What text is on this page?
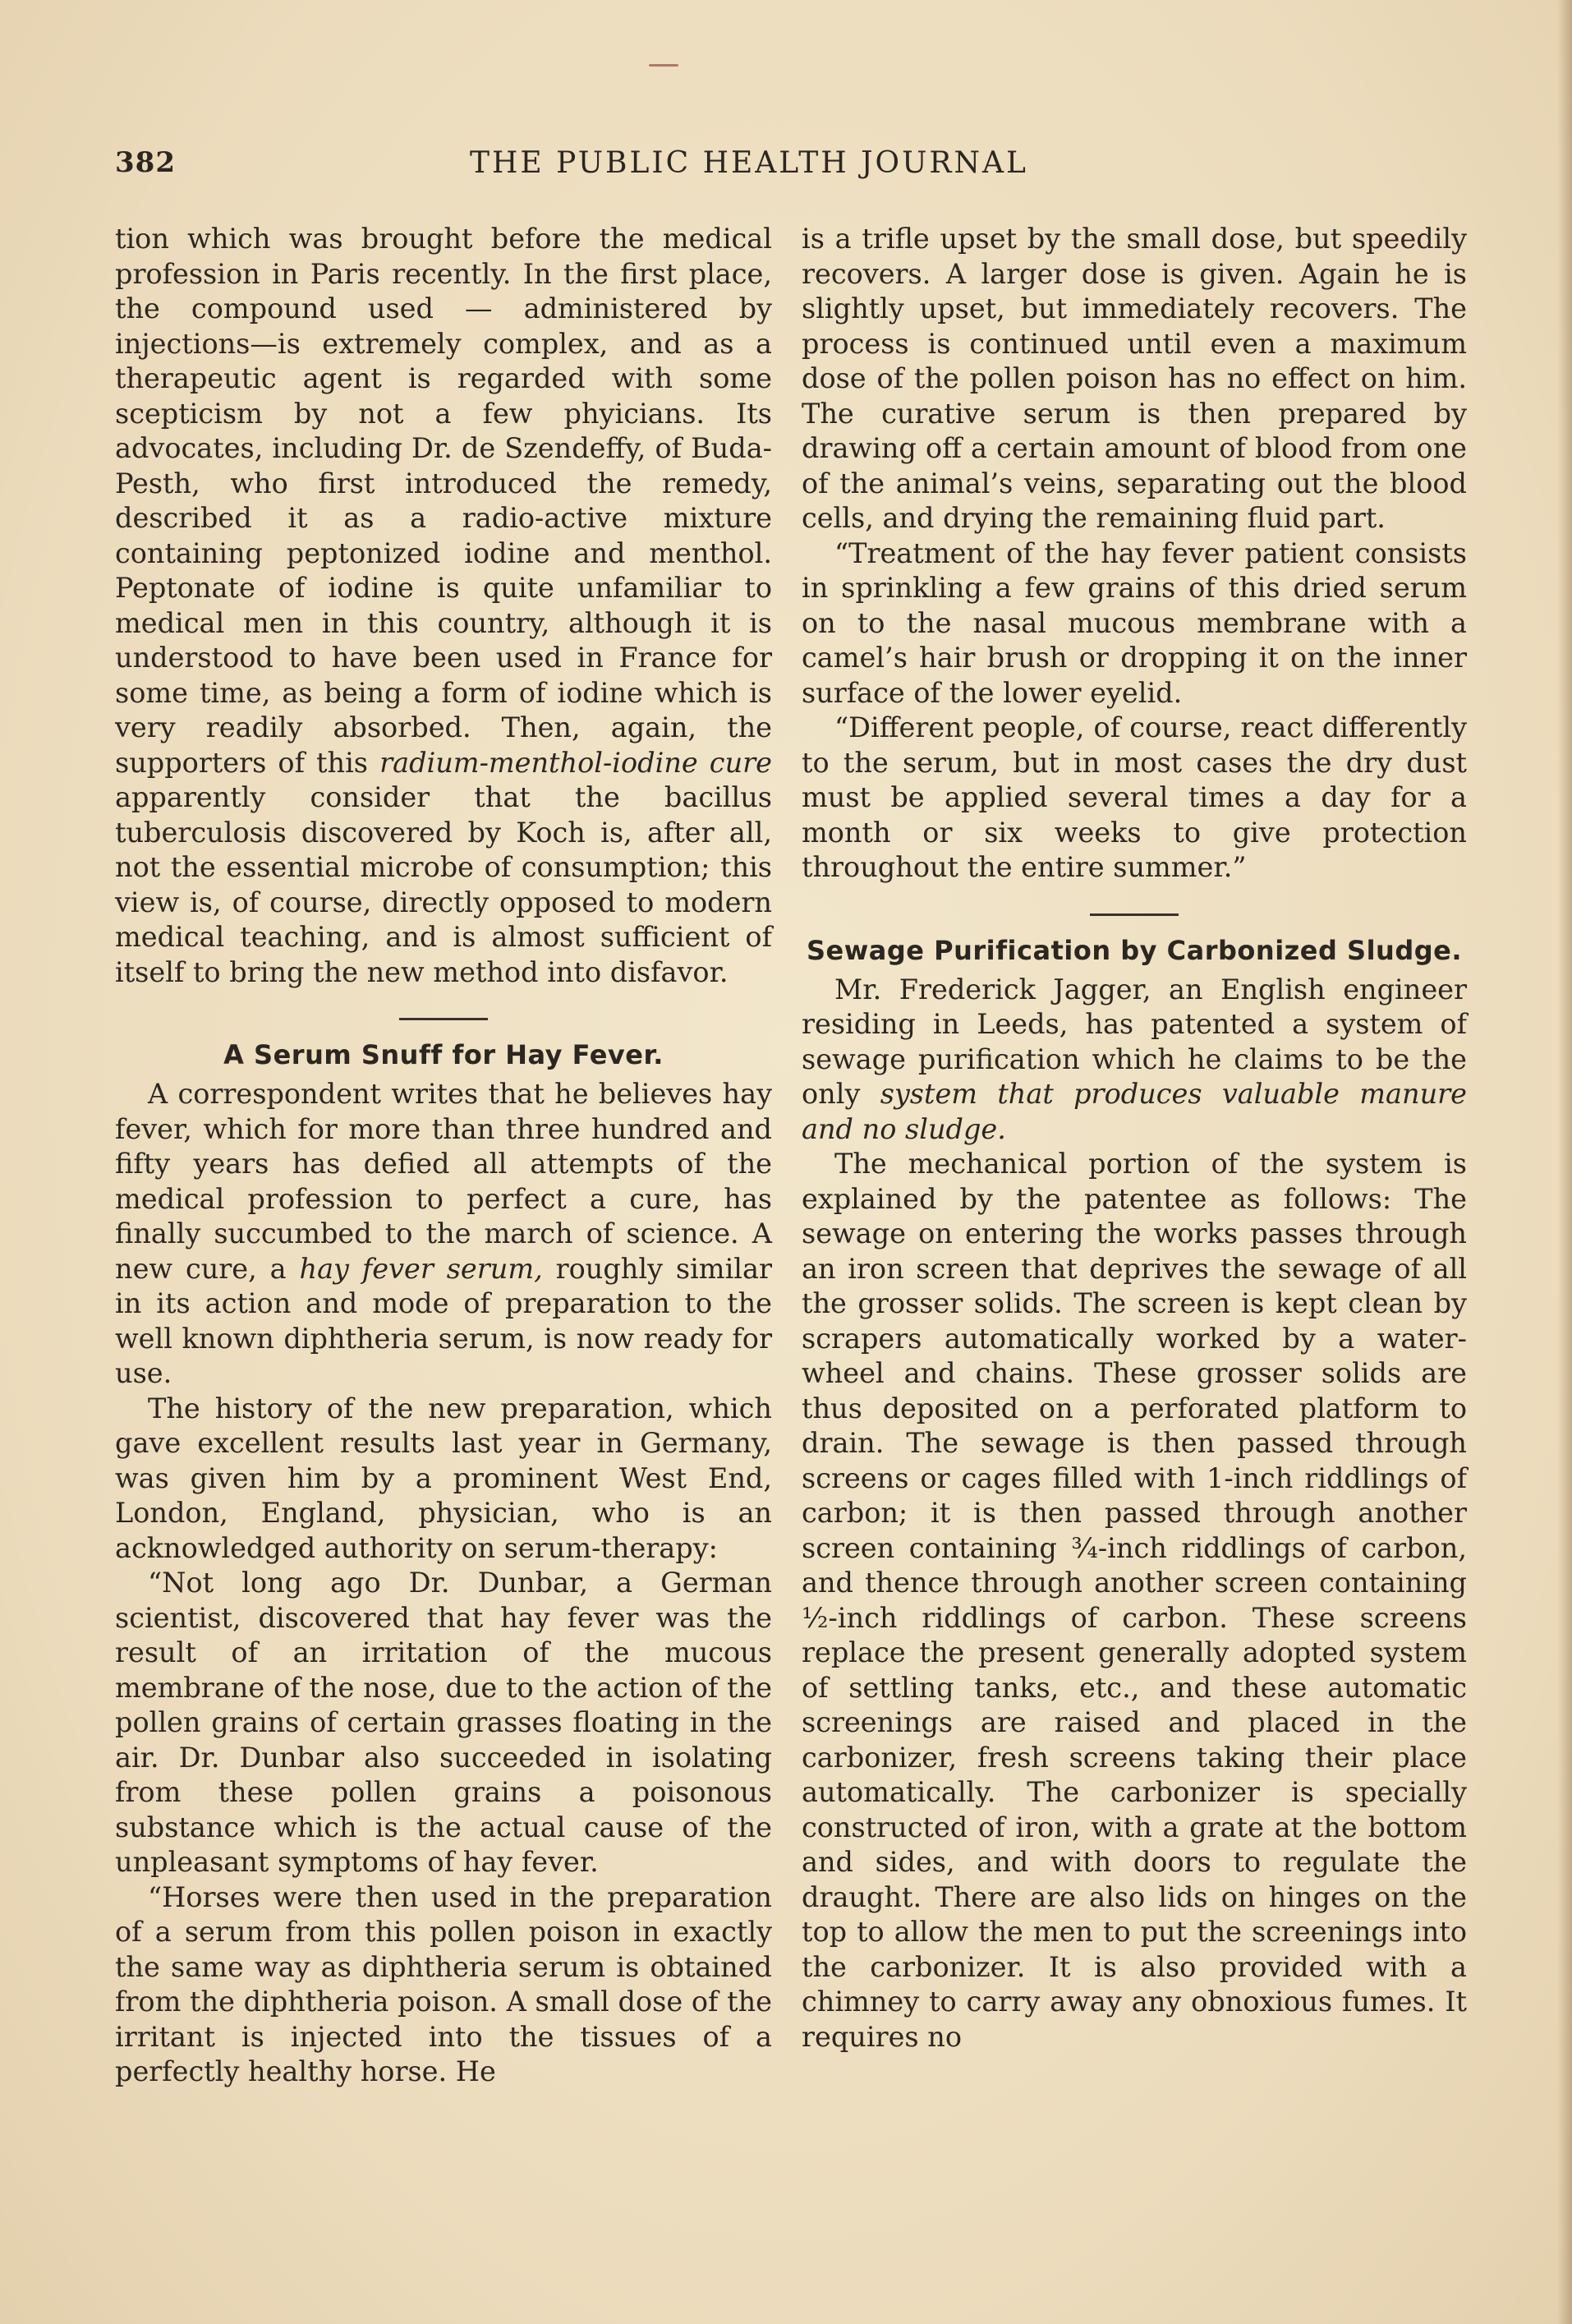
382	THE PUBLIC HEALTH JOURNAL

tion which was brought before the medical profession in Paris recently. In the first place, the compound used — administered by injections—is extremely complex, and as a therapeutic agent is regarded with some scepticism by not a few phyicians. Its advocates, including Dr. de Szendeffy, of Buda-Pesth, who first introduced the remedy, described it as a radio-active mixture containing peptonized iodine and menthol. Peptonate of iodine is quite unfamiliar to medical men in this country, although it is understood to have been used in France for some time, as being a form of iodine which is very readily absorbed. Then, again, the supporters of this radium-menthol-iodine cure apparently consider that the bacillus tuberculosis discovered by Koch is, after all, not the essential microbe of consumption; this view is, of course, directly opposed to modern medical teaching, and is almost sufficient of itself to bring the new method into disfavor.

A Serum Snuff for Hay Fever.

A correspondent writes that he believes hay fever, which for more than three hundred and fifty years has defied all attempts of the medical profession to perfect a cure, has finally succumbed to the march of science. A new cure, a hay fever serum, roughly similar in its action and mode of preparation to the well known diphtheria serum, is now ready for use.

The history of the new preparation, which gave excellent results last year in Germany, was given him by a prominent West End, London, England, physician, who is an acknowledged authority on serum-therapy:

“Not long ago Dr. Dunbar, a German scientist, discovered that hay fever was the result of an irritation of the mucous membrane of the nose, due to the action of the pollen grains of certain grasses floating in the air. Dr. Dunbar also succeeded in isolating from these pollen grains a poisonous substance which is the actual cause of the unpleasant symptoms of hay fever.

“Horses were then used in the preparation of a serum from this pollen poison in exactly the same way as diphtheria serum is obtained from the diphtheria poison. A small dose of the irritant is injected into the tissues of a perfectly healthy horse. He

is a trifle upset by the small dose, but speedily recovers. A larger dose is given. Again he is slightly upset, but immediately recovers. The process is continued until even a maximum dose of the pollen poison has no effect on him. The curative serum is then prepared by drawing off a certain amount of blood from one of the animal’s veins, separating out the blood cells, and drying the remaining fluid part.

“Treatment of the hay fever patient consists in sprinkling a few grains of this dried serum on to the nasal mucous membrane with a camel’s hair brush or dropping it on the inner surface of the lower eyelid.

“Different people, of course, react differently to the serum, but in most cases the dry dust must be applied several times a day for a month or six weeks to give protection throughout the entire summer.”

Sewage Purification by Carbonized Sludge.

Mr. Frederick Jagger, an English engineer residing in Leeds, has patented a system of sewage purification which he claims to be the only system that produces valuable manure and no sludge.

The mechanical portion of the system is explained by the patentee as follows: The sewage on entering the works passes through an iron screen that deprives the sewage of all the grosser solids. The screen is kept clean by scrapers automatically worked by a water-wheel and chains. These grosser solids are thus deposited on a perforated platform to drain. The sewage is then passed through screens or cages filled with 1-inch riddlings of carbon; it is then passed through another screen containing ¾-inch riddlings of carbon, and thence through another screen containing ½-inch riddlings of carbon. These screens replace the present generally adopted system of settling tanks, etc., and these automatic screenings are raised and placed in the carbonizer, fresh screens taking their place automatically. The carbonizer is specially constructed of iron, with a grate at the bottom and sides, and with doors to regulate the draught. There are also lids on hinges on the top to allow the men to put the screenings into the carbonizer. It is also provided with a chimney to carry away any obnoxious fumes. It requires no
